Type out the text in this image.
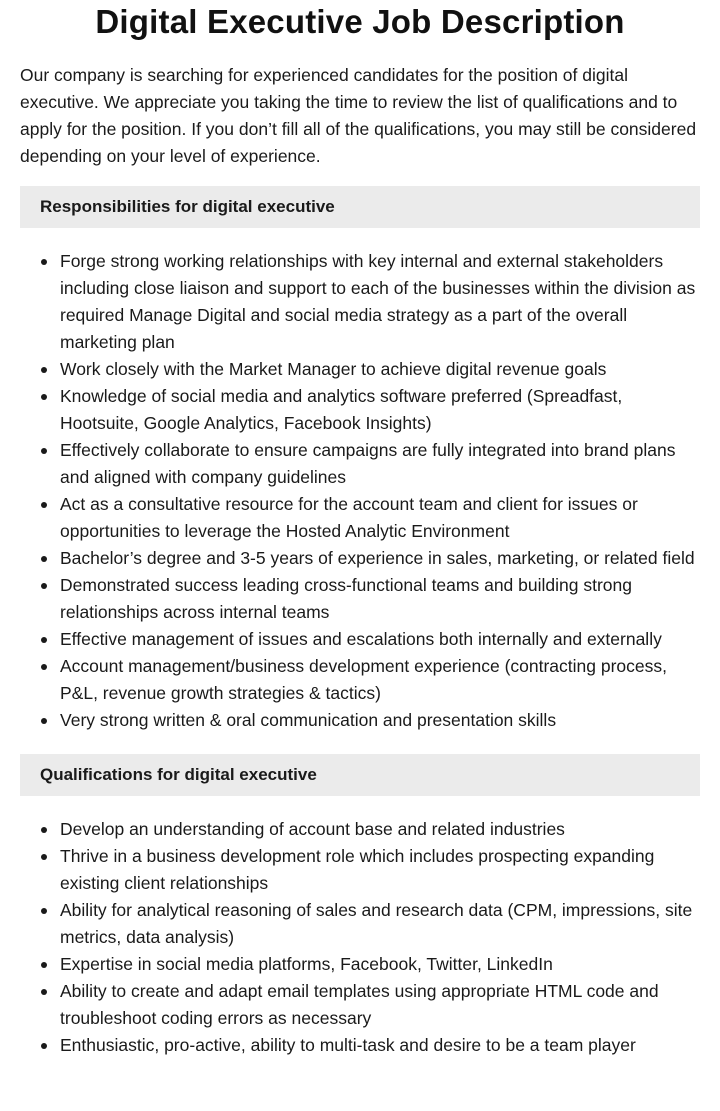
Digital Executive Job Description

Our company is searching for experienced candidates for the position of digital executive. We appreciate you taking the time to review the list of qualifications and to apply for the position. If you don’t fill all of the qualifications, you may still be considered depending on your level of experience.

Responsibilities for digital executive
Forge strong working relationships with key internal and external stakeholders including close liaison and support to each of the businesses within the division as required Manage Digital and social media strategy as a part of the overall marketing plan
Work closely with the Market Manager to achieve digital revenue goals
Knowledge of social media and analytics software preferred (Spreadfast, Hootsuite, Google Analytics, Facebook Insights)
Effectively collaborate to ensure campaigns are fully integrated into brand plans and aligned with company guidelines
Act as a consultative resource for the account team and client for issues or opportunities to leverage the Hosted Analytic Environment
Bachelor’s degree and 3-5 years of experience in sales, marketing, or related field
Demonstrated success leading cross-functional teams and building strong relationships across internal teams
Effective management of issues and escalations both internally and externally
Account management/business development experience (contracting process, P&L, revenue growth strategies & tactics)
Very strong written & oral communication and presentation skills
Qualifications for digital executive
Develop an understanding of account base and related industries
Thrive in a business development role which includes prospecting expanding existing client relationships
Ability for analytical reasoning of sales and research data (CPM, impressions, site metrics, data analysis)
Expertise in social media platforms, Facebook, Twitter, LinkedIn
Ability to create and adapt email templates using appropriate HTML code and troubleshoot coding errors as necessary
Enthusiastic, pro-active, ability to multi-task and desire to be a team player
